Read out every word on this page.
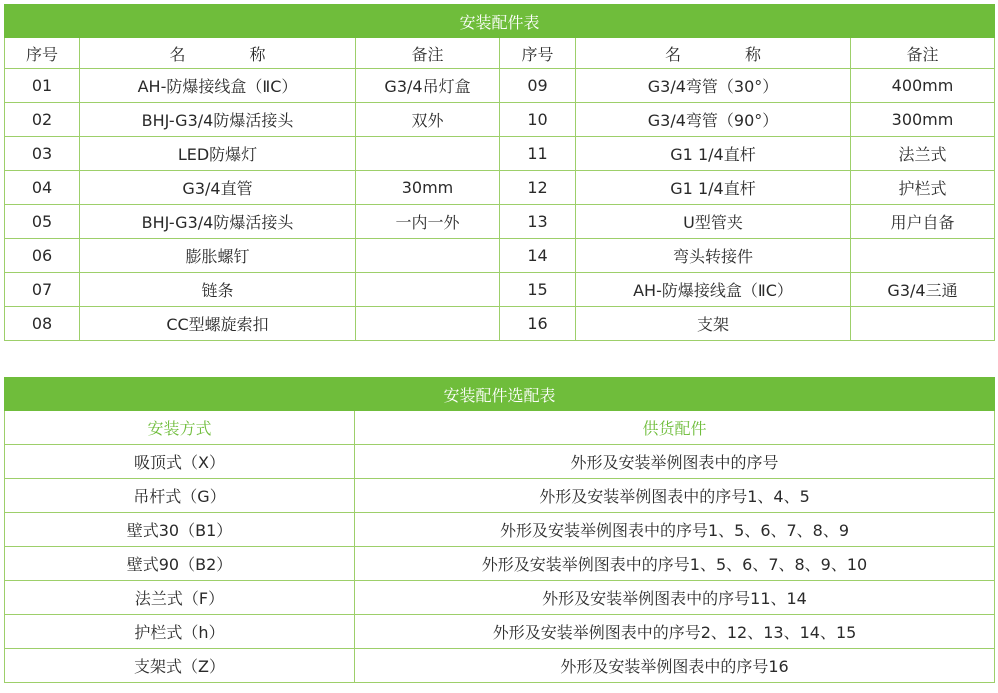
安装配件表					
序号	名　　　　称	备注	序号	名　　　　称	备注
01	AH-防爆接线盒（ⅡC）	G3/4吊灯盒	09	G3/4弯管（30°）	400mm
02	BHJ-G3/4防爆活接头	双外	10	G3/4弯管（90°）	300mm
03	LED防爆灯		11	G1 1/4直杆	法兰式
04	G3/4直管	30mm	12	G1 1/4直杆	护栏式
05	BHJ-G3/4防爆活接头	一内一外	13	U型管夹	用户自备
06	膨胀螺钉		14	弯头转接件	
07	链条		15	AH-防爆接线盒（ⅡC）	G3/4三通
08	CC型螺旋索扣		16	支架	
安装配件选配表	
安装方式	供货配件
吸顶式（X）	外形及安装举例图表中的序号
吊杆式（G）	外形及安装举例图表中的序号1、4、5
壁式30（B1）	外形及安装举例图表中的序号1、5、6、7、8、9
壁式90（B2）	外形及安装举例图表中的序号1、5、6、7、8、9、10
法兰式（F）	外形及安装举例图表中的序号11、14
护栏式（h）	外形及安装举例图表中的序号2、12、13、14、15
支架式（Z）	外形及安装举例图表中的序号16
